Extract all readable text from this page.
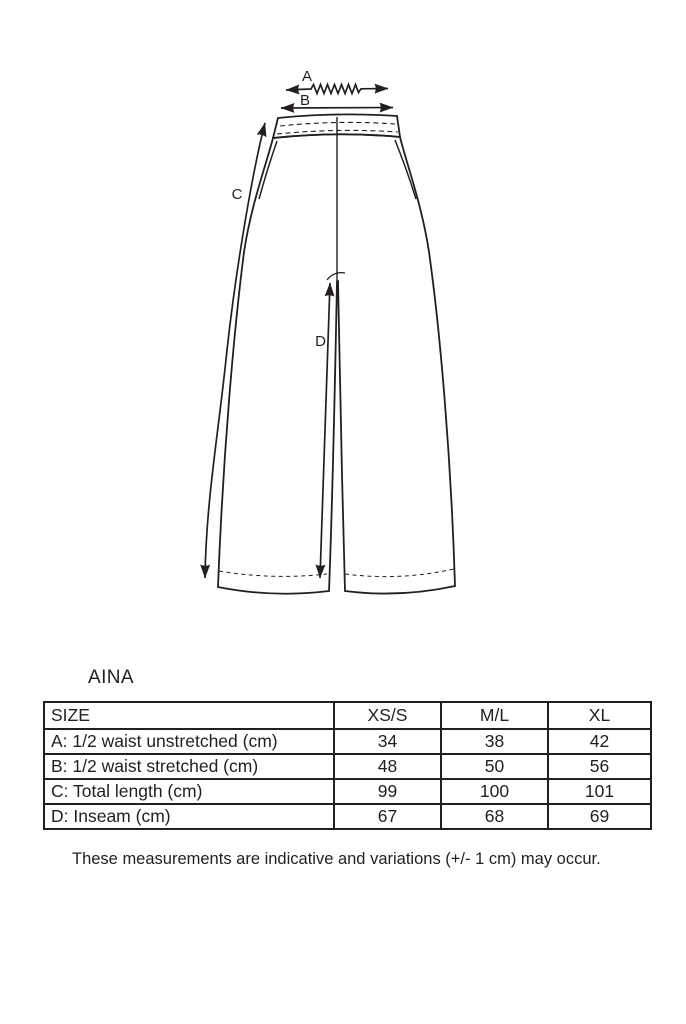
A
B
C
D
AINA
SIZE	XS/S	M/L	XL
A: 1/2 waist unstretched (cm)	34	38	42
B: 1/2 waist stretched (cm)	48	50	56
C: Total length (cm)	99	100	101
D: Inseam (cm)	67	68	69

These measurements are indicative and variations (+/- 1 cm) may occur.
